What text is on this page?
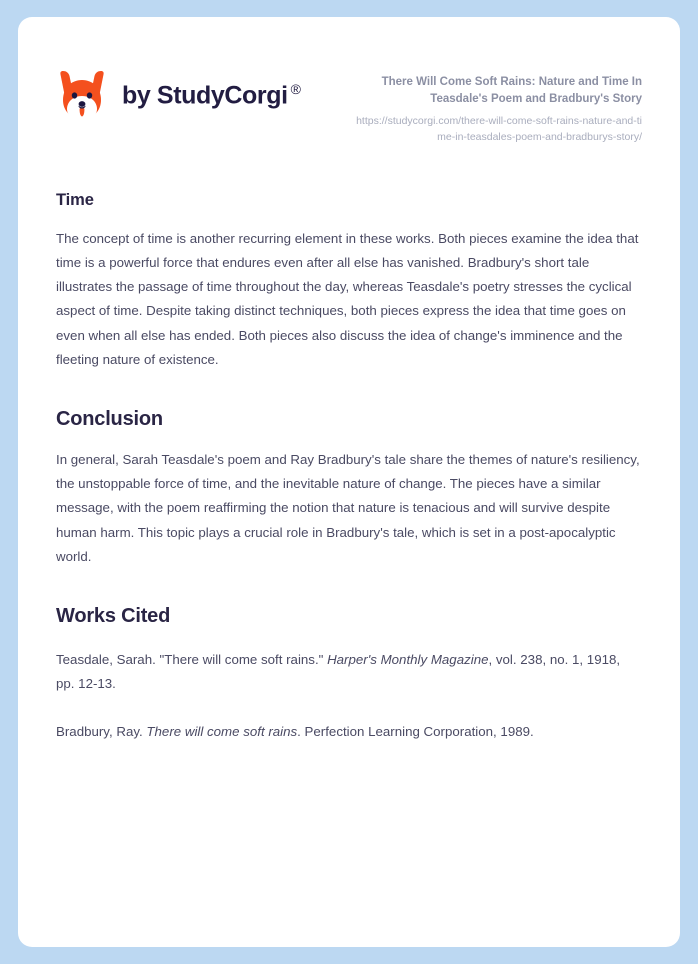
by StudyCorgi ®	There Will Come Soft Rains: Nature and Time In Teasdale's Poem and Bradbury's Story

https://studycorgi.com/there-will-come-soft-rains-nature-and-time-in-teasdales-poem-and-bradburys-story/

Time

The concept of time is another recurring element in these works. Both pieces examine the idea that time is a powerful force that endures even after all else has vanished. Bradbury's short tale illustrates the passage of time throughout the day, whereas Teasdale's poetry stresses the cyclical aspect of time. Despite taking distinct techniques, both pieces express the idea that time goes on even when all else has ended. Both pieces also discuss the idea of change's imminence and the fleeting nature of existence.

Conclusion

In general, Sarah Teasdale's poem and Ray Bradbury's tale share the themes of nature's resiliency, the unstoppable force of time, and the inevitable nature of change. The pieces have a similar message, with the poem reaffirming the notion that nature is tenacious and will survive despite human harm. This topic plays a crucial role in Bradbury's tale, which is set in a post-apocalyptic world.

Works Cited

Teasdale, Sarah. "There will come soft rains." Harper's Monthly Magazine, vol. 238, no. 1, 1918, pp. 12-13.

Bradbury, Ray. There will come soft rains. Perfection Learning Corporation, 1989.
